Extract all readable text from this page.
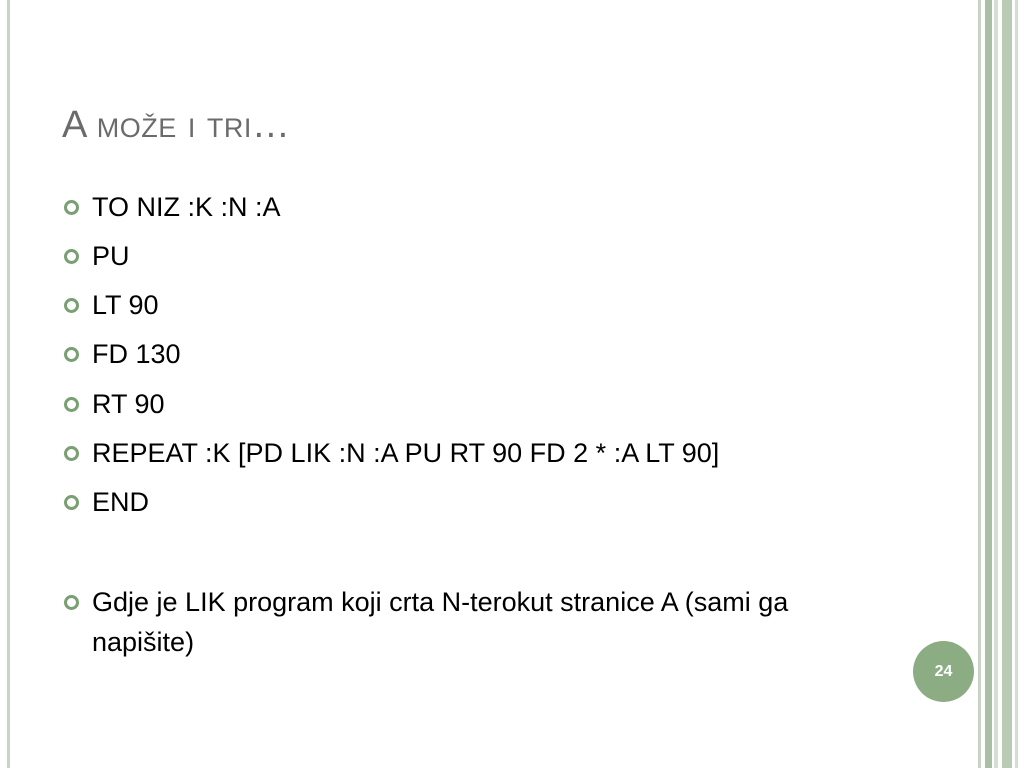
A može i tri…
TO NIZ :K :N :A
PU
LT 90
FD 130
RT 90
REPEAT :K [PD LIK :N :A PU RT 90 FD 2 * :A LT 90]
END
Gdje je LIK program koji crta N-terokut stranice A (sami ga napišite)
24
